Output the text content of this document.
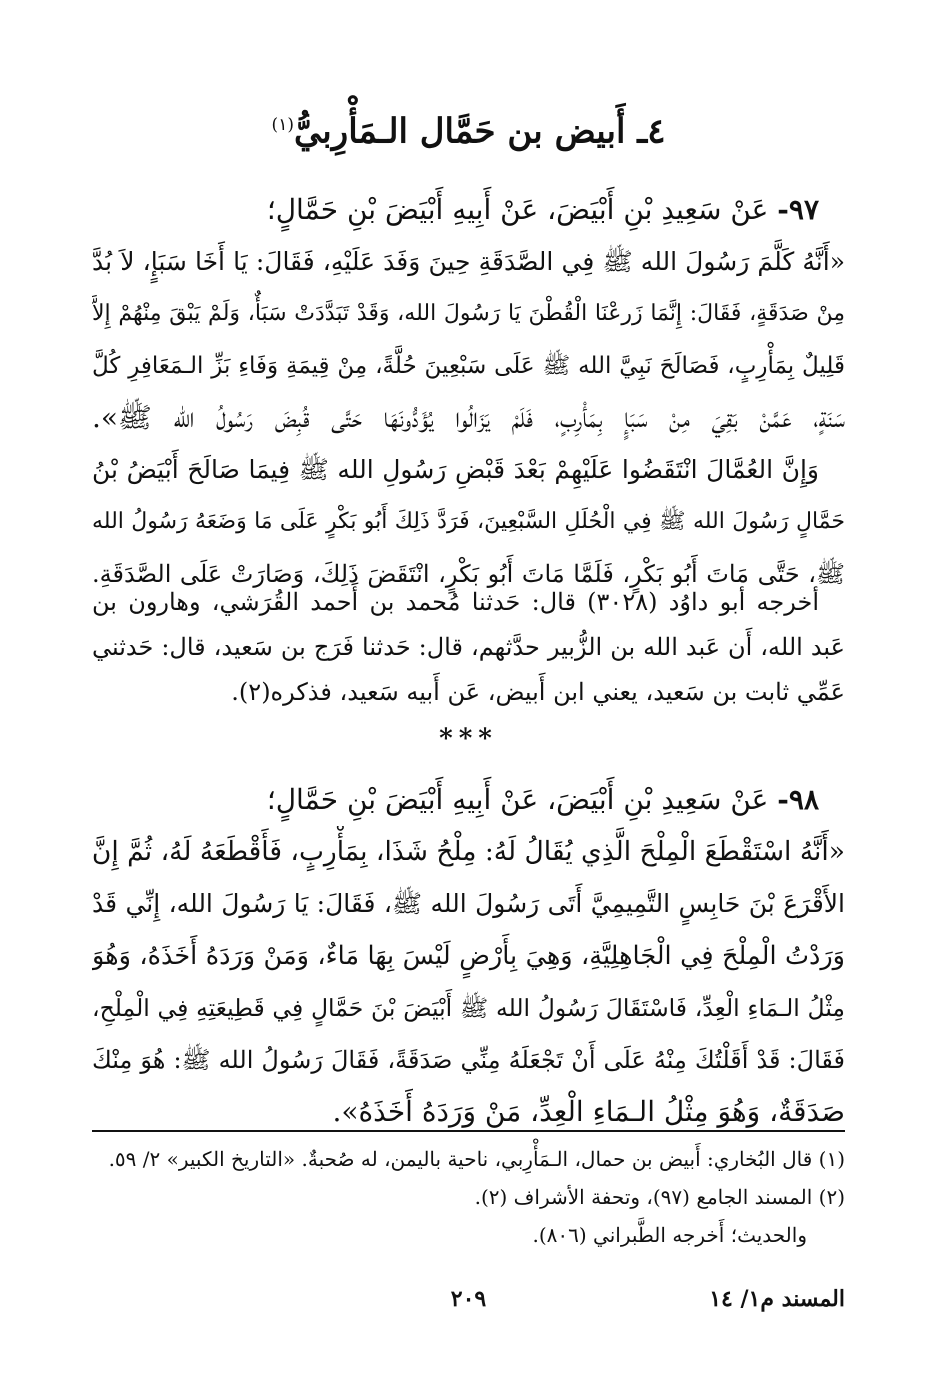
٤ـ أَبيض بن حَمَّال الـمَأْرِبيُّ$^{(١)}$
٩٧- عَنْ سَعِيدِ بْنِ أَبْيَضَ، عَنْ أَبِيهِ أَبْيَضَ بْنِ حَمَّالٍ؛
«أَنَّهُ كَلَّمَ رَسُولَ الله ﷺ فِي الصَّدَقَةِ حِينَ وَفَدَ عَلَيْهِ، فَقَالَ: يَا أَخَا سَبَإٍ، لاَ بُدَّ
مِنْ صَدَقَةٍ، فَقَالَ: إِنَّمَا زَرعْنَا الْقُطْنَ يَا رَسُولَ الله، وَقَدْ تَبَدَّدَتْ سَبَأٌ، وَلَمْ يَبْقَ مِنْهُمْ إِلاَّ
قَلِيلٌ بِمَأْرِبٍ، فَصَالَحَ نَبِيَّ الله ﷺ عَلَى سَبْعِينَ حُلَّةً، مِنْ قِيمَةِ وَفَاءِ بَزِّ الـمَعَافِرِ كُلَّ
سَنَةٍ، عَمَّنْ بَقِيَ مِنْ سَبَإٍ بِمَأْرِبٍ، فَلَمْ يَزَالُوا يُؤَدُّونَهَا حَتَّى قُبِضَ رَسُولُ الله ﷺ».
وَإِنَّ العُمَّالَ انْتَقَضُوا عَلَيْهِمْ بَعْدَ قَبْضِ رَسُولِ الله ﷺ فِيمَا صَالَحَ أَبْيَضُ بْنُ
حَمَّالٍ رَسُولَ الله ﷺ فِي الْحُلَلِ السَّبْعِينَ، فَرَدَّ ذَلِكَ أَبُو بَكْرٍ عَلَى مَا وَضَعَهُ رَسُولُ الله
ﷺ، حَتَّى مَاتَ أَبُو بَكْرٍ، فَلَمَّا مَاتَ أَبُو بَكْرٍ، انْتَقَضَ ذَلِكَ، وَصَارَتْ عَلَى الصَّدَقَةِ.
أخرجه أبو داوُد (٣٠٢٨) قال: حَدثنا مُحمد بن أَحمد القُرَشي، وهارون بن
عَبد الله، أَن عَبد الله بن الزُّبير حدَّثهم، قال: حَدثنا فَرَج بن سَعيد، قال: حَدثني
عَمِّي ثابت بن سَعيد، يعني ابن أَبيض، عَن أَبيه سَعيد، فذكره(٢).
***
٩٨- عَنْ سَعِيدِ بْنِ أَبْيَضَ، عَنْ أَبِيهِ أَبْيَضَ بْنِ حَمَّالٍ؛
«أَنَّهُ اسْتَقْطَعَ الْمِلْحَ الَّذِي يُقَالُ لَهُ: مِلْحُ شَذَا، بِمَأْرِبٍ، فَأَقْطَعَهُ لَهُ، ثُمَّ إِنَّ
الأَقْرَعَ بْنَ حَابِسٍ التَّمِيمِيَّ أَتَى رَسُولَ الله ﷺ، فَقَالَ: يَا رَسُولَ الله، إِنِّي قَدْ
وَرَدْتُ الْمِلْحَ فِي الْجَاهِلِيَّةِ، وَهِيَ بِأَرْضٍ لَيْسَ بِهَا مَاءٌ، وَمَنْ وَرَدَهُ أَخَذَهُ، وَهُوَ
مِثْلُ الـمَاءِ الْعِدِّ، فَاسْتَقَالَ رَسُولُ الله ﷺ أَبْيَضَ بْنَ حَمَّالٍ فِي قَطِيعَتِهِ فِي الْمِلْحِ،
فَقَالَ: قَدْ أَقَلْتُكَ مِنْهُ عَلَى أَنْ تَجْعَلَهُ مِنِّي صَدَقَةً، فَقَالَ رَسُولُ الله ﷺ: هُوَ مِنْكَ
صَدَقَةٌ، وَهُوَ مِثْلُ الـمَاءِ الْعِدِّ، مَنْ وَرَدَهُ أَخَذَهُ».
(١) قال البُخاري: أَبيض بن حمال، الـمَأْرِبي، ناحية باليمن، له صُحبةٌ. «التاريخ الكبير» ٢/ ٥٩.
(٢) المسند الجامع (٩٧)، وتحفة الأشراف (٢).
والحديث؛ أَخرجه الطَّبراني (٨٠٦).
المسند م١/ ١٤
٢٠٩
